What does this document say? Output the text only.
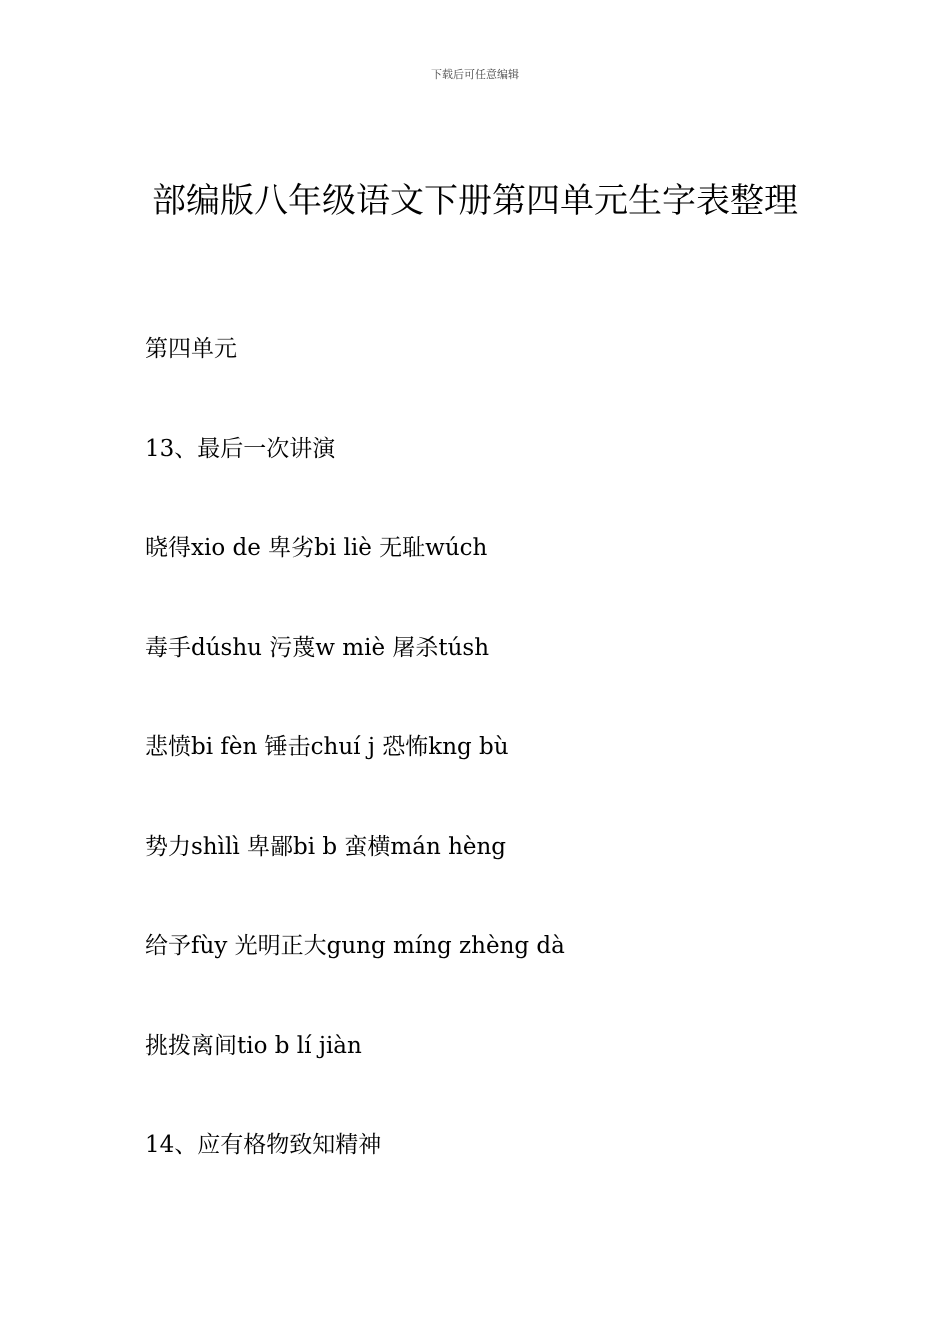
下载后可任意编辑
部编版八年级语文下册第四单元生字表整理

第四单元

13、最后一次讲演

晓得xio de 卑劣bi liè 无耻wúch

毒手dúshu 污蔑w miè 屠杀túsh

悲愤bi fèn 锤击chuí j 恐怖kng bù

势力shìlì 卑鄙bi b 蛮横mán hèng

给予fùy 光明正大gung míng zhèng dà

挑拨离间tio b lí jiàn

14、应有格物致知精神
